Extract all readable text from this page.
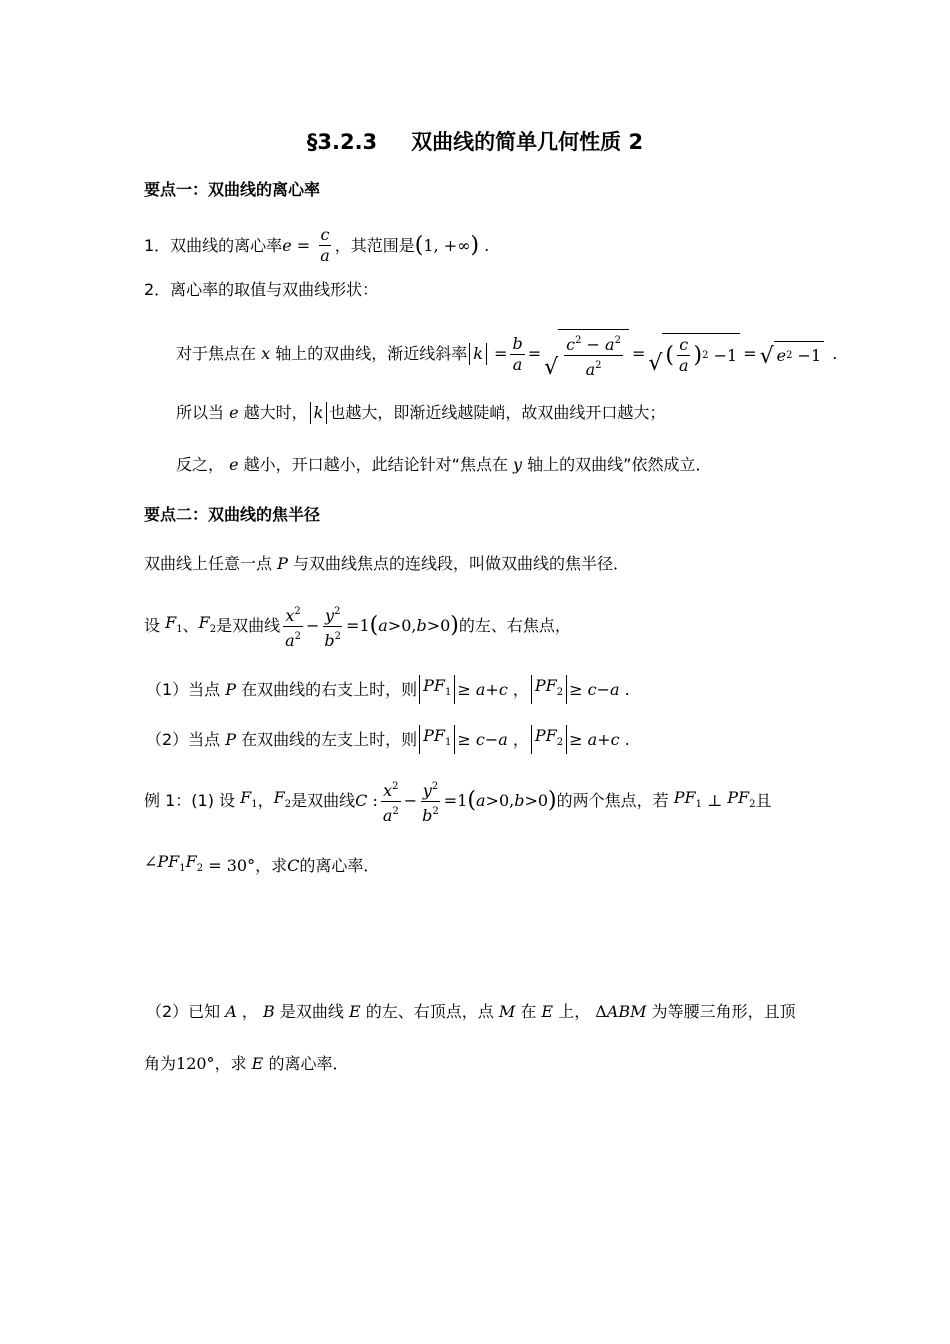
§3.2.3 双曲线的简单几何性质 2
要点一：双曲线的离心率
1．双曲线的离心率 $e = \frac{c}{a}$ ，其范围是 ( 1, +∞ ) .
2．离心率的取值与双曲线形状：
对于焦点在 x 轴上的双曲线，渐近线斜率 $k = \frac{b}{a}$ =
√ $\frac{c^2 - a^2}{a^2}$ = √ ( $\frac{c}{a}$ ) 2 −1 = √ e 2 −1 .
所以当 e 越大时， k 也越大，即渐近线越陡峭，故双曲线开口越大；
反之， e 越小，开口越小，此结论针对“焦点在 y 轴上的双曲线”依然成立．
要点二：双曲线的焦半径
双曲线上任意一点 P 与双曲线焦点的连线段，叫做双曲线的焦半径．
设 $F_1$ 、 $F_2$ 是双曲线 $\frac{x^2}{a^2} - \frac{y^2}{b^2} =1$ ( a >0, b >0 ) 的左、右焦点，
（1）当点 P 在双曲线的右支上时，则 $PF_1 \ge a + c$ ， $PF_2 \ge c - a$ .
（2）当点 P 在双曲线的左支上时，则 $PF_1 \ge c - a$ ， $PF_2 \ge a + c$ .
例 1：(1) 设 $F_1$ ， $F_2$ 是双曲线 C : $\frac{x^2}{a^2} - \frac{y^2}{b^2} =1$ ( a >0, b >0 ) 的两个焦点，若 $PF_1$ ⊥ $PF_2$ 且
$\angle PF_1F_2 = 30^\circ$ ，求 C 的离心率．
（2）已知 A ， B 是双曲线 E 的左、右顶点，点 M 在 E 上， Δ ABM 为等腰三角形，且顶
角为 120° ，求 E 的离心率．
